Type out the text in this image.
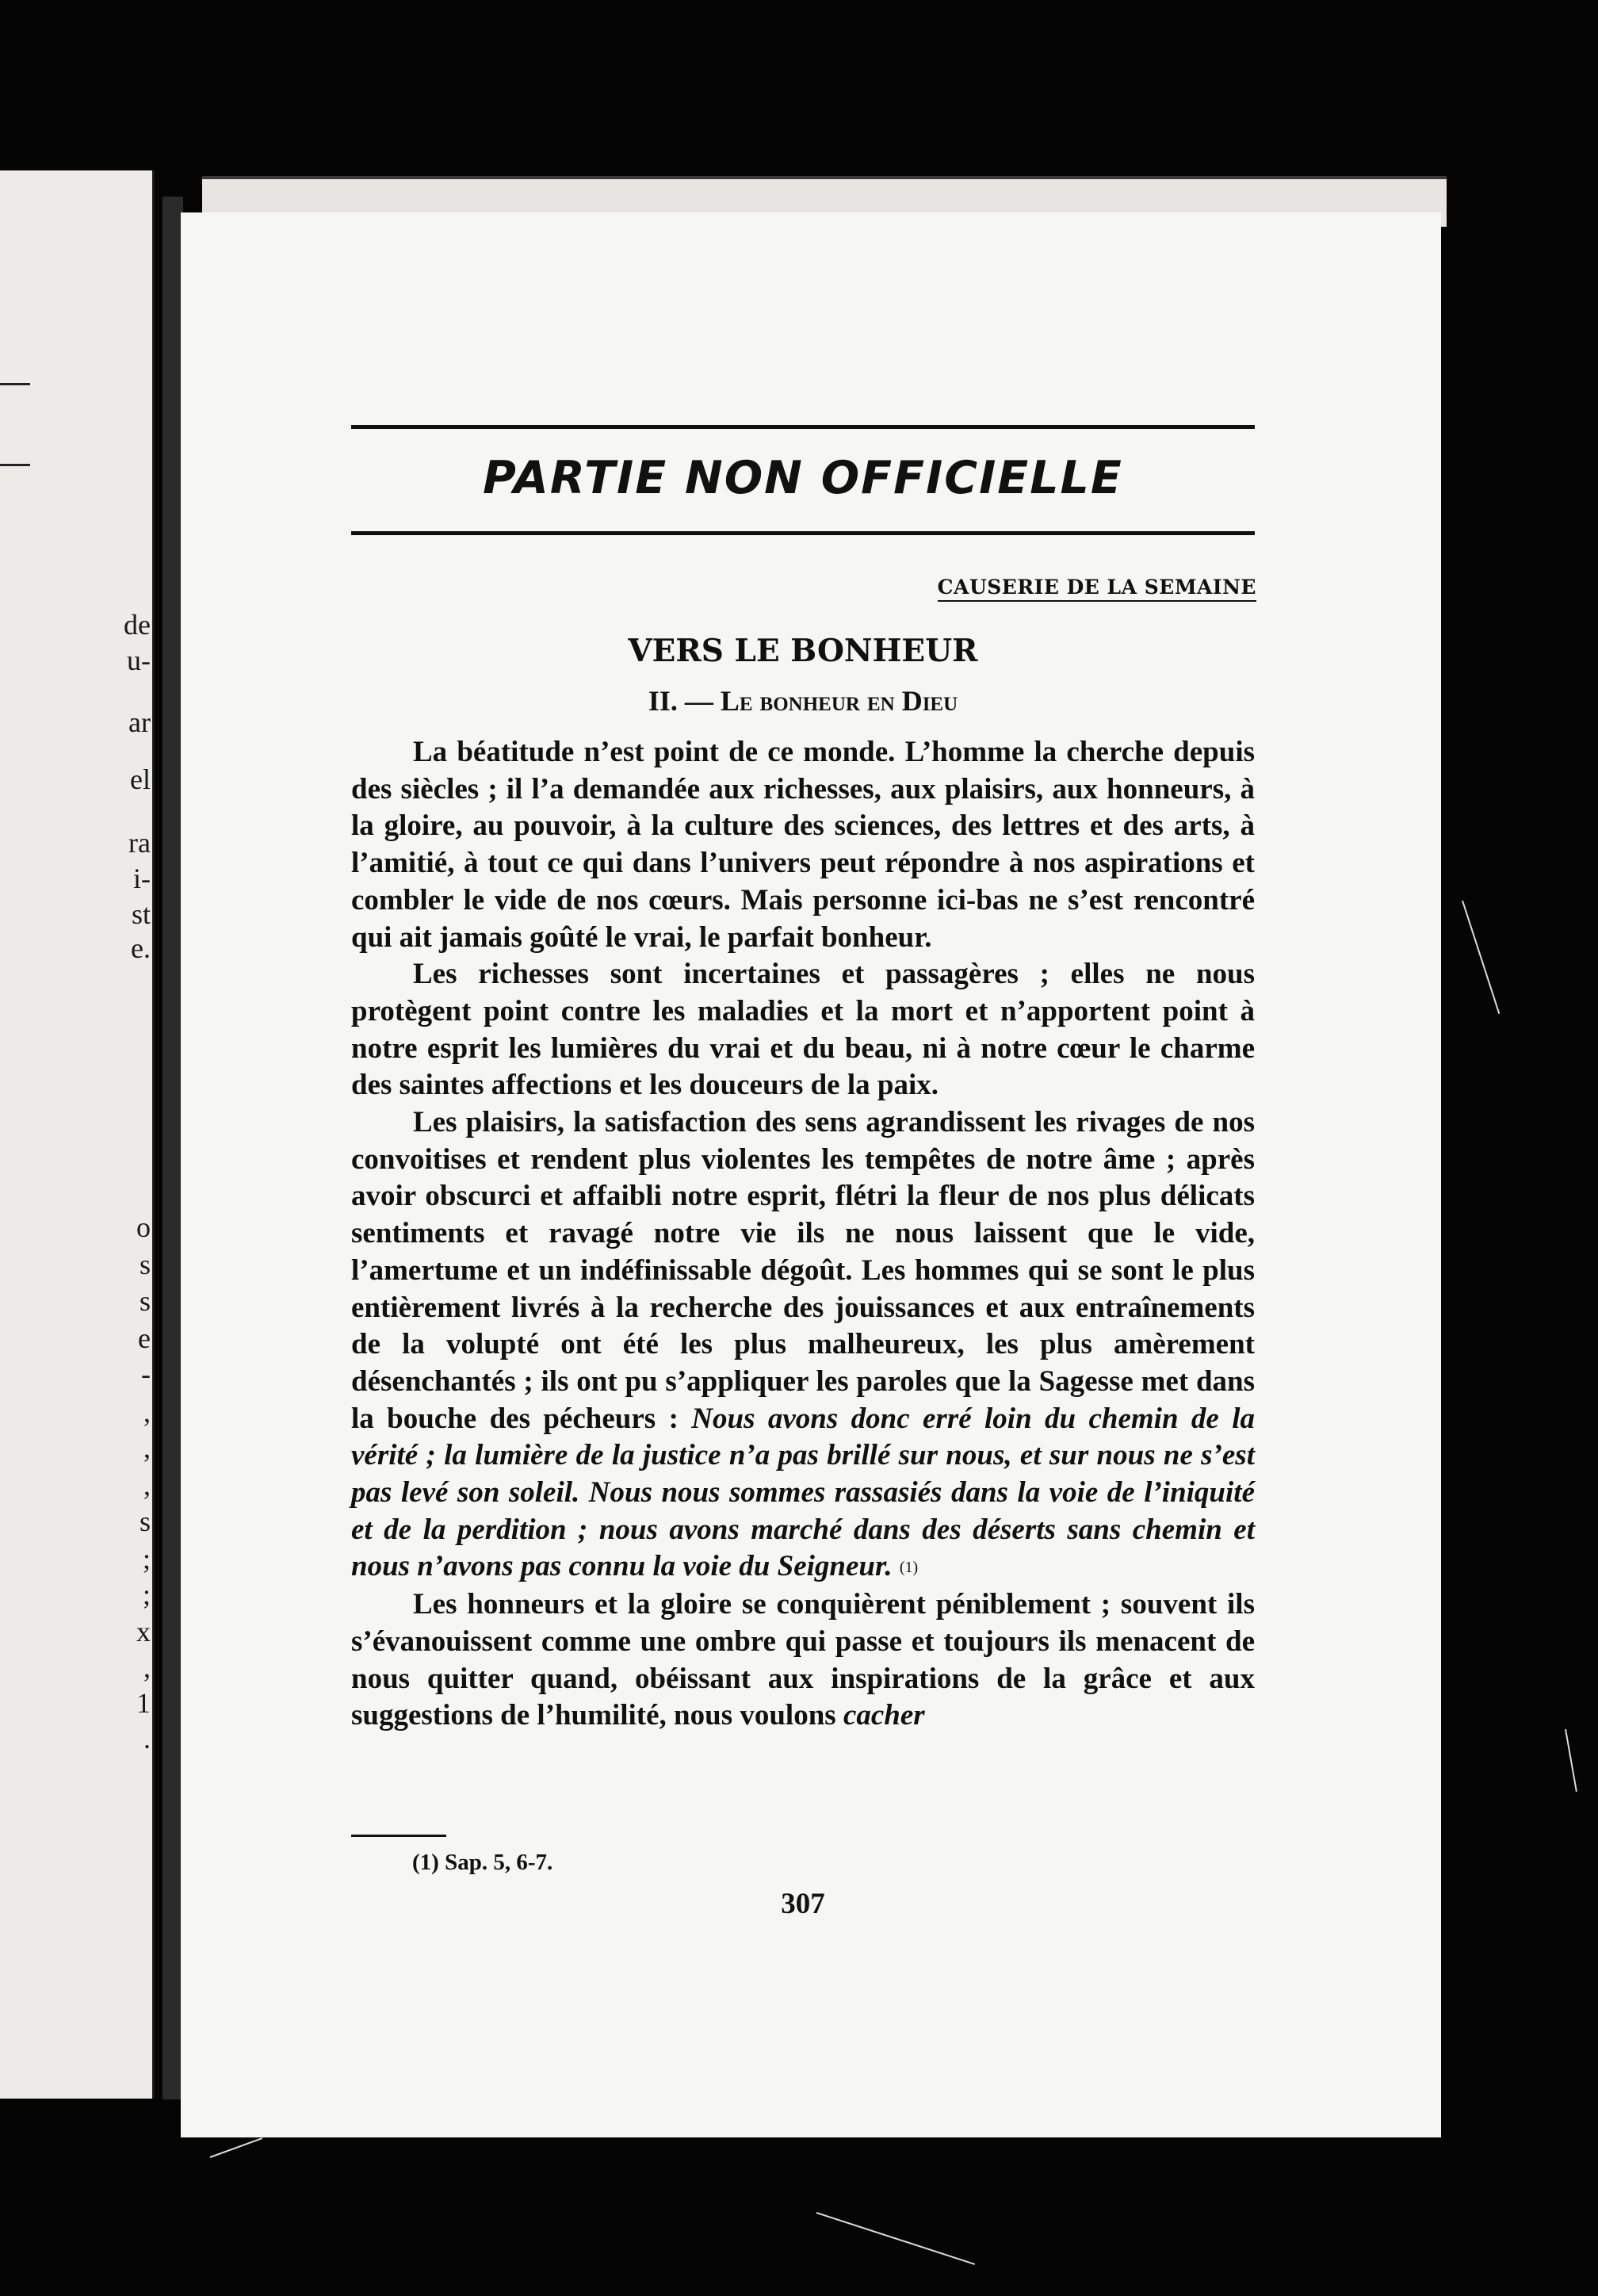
de
u-
ar
el
ra
i-
st
e.
o
s
s
e
-
,
,
,
s
;
;
x
,
1
.
PARTIE NON OFFICIELLE
CAUSERIE DE LA SEMAINE
VERS LE BONHEUR
II. — Le bonheur en Dieu

La béatitude n’est point de ce monde. L’homme la cherche depuis des siècles ; il l’a demandée aux richesses, aux plaisirs, aux honneurs, à la gloire, au pouvoir, à la culture des sciences, des lettres et des arts, à l’amitié, à tout ce qui dans l’univers peut répondre à nos aspirations et combler le vide de nos cœurs. Mais personne ici-bas ne s’est rencontré qui ait jamais goûté le vrai, le parfait bonheur.

Les richesses sont incertaines et passagères ; elles ne nous protègent point contre les maladies et la mort et n’apportent point à notre esprit les lumières du vrai et du beau, ni à notre cœur le charme des saintes affections et les douceurs de la paix.

Les plaisirs, la satisfaction des sens agrandissent les rivages de nos convoitises et rendent plus violentes les tempêtes de notre âme ; après avoir obscurci et affaibli notre esprit, flétri la fleur de nos plus délicats sentiments et ravagé notre vie ils ne nous laissent que le vide, l’amertume et un indéfinissable dégoût. Les hommes qui se sont le plus entièrement livrés à la recherche des jouissances et aux entraînements de la volupté ont été les plus malheureux, les plus amèrement désenchantés ; ils ont pu s’appliquer les paroles que la Sagesse met dans la bouche des pécheurs : Nous avons donc erré loin du chemin de la vérité ; la lumière de la justice n’a pas brillé sur nous, et sur nous ne s’est pas levé son soleil. Nous nous sommes rassasiés dans la voie de l’iniquité et de la perdition ; nous avons marché dans des déserts sans chemin et nous n’avons pas connu la voie du Seigneur. $^{(1)}$

Les honneurs et la gloire se conquièrent péniblement ; souvent ils s’évanouissent comme une ombre qui passe et toujours ils menacent de nous quitter quand, obéissant aux inspirations de la grâce et aux suggestions de l’humilité, nous voulons cacher

(1) Sap. 5, 6-7.
307
